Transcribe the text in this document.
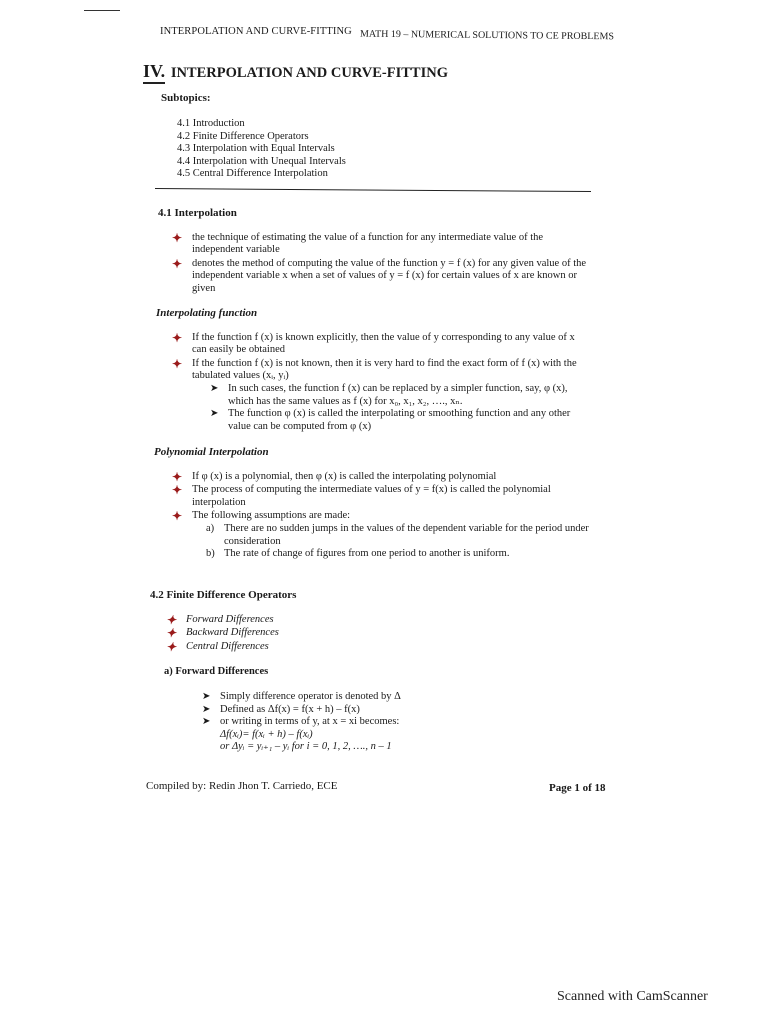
INTERPOLATION AND CURVE-FITTING MATH 19 – NUMERICAL SOLUTIONS TO CE PROBLEMS
IV. INTERPOLATION AND CURVE-FITTING
Subtopics:
4.1 Introduction
4.2 Finite Difference Operators
4.3 Interpolation with Equal Intervals
4.4 Interpolation with Unequal Intervals
4.5 Central Difference Interpolation
4.1 Interpolation
✦ the technique of estimating the value of a function for any intermediate value of the independent variable
✦ denotes the method of computing the value of the function y = f (x) for any given value of the independent variable x when a set of values of y = f (x) for certain values of x are known or given
Interpolating function
✦ If the function f (x) is known explicitly, then the value of y corresponding to any value of x can easily be obtained
✦ If the function f (x) is not known, then it is very hard to find the exact form of f (x) with the tabulated values (xᵢ, yᵢ)
➤ In such cases, the function f (x) can be replaced by a simpler function, say, φ (x), which has the same values as f (x) for x₀, x₁, x₂, …., xₙ.
➤ The function φ (x) is called the interpolating or smoothing function and any other value can be computed from φ (x)
Polynomial Interpolation
✦ If φ (x) is a polynomial, then φ (x) is called the interpolating polynomial
✦ The process of computing the intermediate values of y = f(x) is called the polynomial interpolation
✦ The following assumptions are made:
a) There are no sudden jumps in the values of the dependent variable for the period under consideration
b) The rate of change of figures from one period to another is uniform.
4.2 Finite Difference Operators
✦ Forward Differences
✦ Backward Differences
✦ Central Differences
a) Forward Differences
➤ Simply difference operator is denoted by Δ
➤ Defined as Δf(x) = f(x + h) – f(x)
➤ or writing in terms of y, at x = xi becomes:
Δf(xᵢ)= f(xᵢ + h) – f(xᵢ)
or Δyᵢ = yᵢ₊₁ – yᵢ for i = 0, 1, 2, …., n – 1
Compiled by: Redin Jhon T. Carriedo, ECE	Page 1 of 18
Scanned with CamScanner
